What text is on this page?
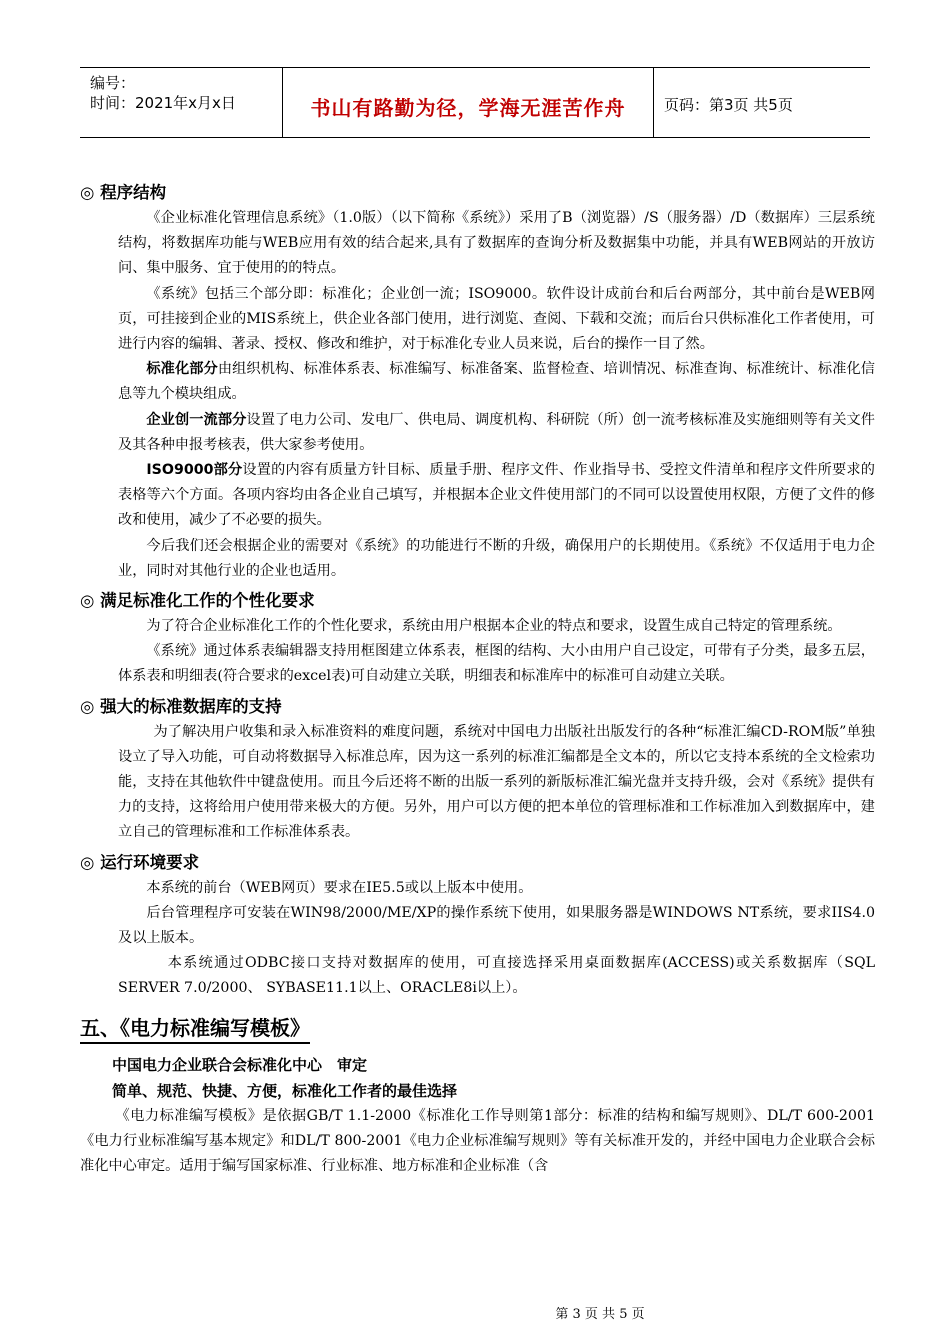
编号：
时间：2021年x月x日	书山有路勤为径，学海无涯苦作舟	页码：第3页 共5页
◎ 程序结构

《企业标准化管理信息系统》（1.0版）（以下简称《系统》）采用了B（浏览器）/S（服务器）/D（数据库）三层系统结构，将数据库功能与WEB应用有效的结合起来,具有了数据库的查询分析及数据集中功能，并具有WEB网站的开放访问、集中服务、宜于使用的的特点。

《系统》包括三个部分即：标准化；企业创一流；ISO9000。软件设计成前台和后台两部分，其中前台是WEB网页，可挂接到企业的MIS系统上，供企业各部门使用，进行浏览、查阅、下载和交流；而后台只供标准化工作者使用，可进行内容的编辑、著录、授权、修改和维护，对于标准化专业人员来说，后台的操作一目了然。

标准化部分由组织机构、标准体系表、标准编写、标准备案、监督检查、培训情况、标准查询、标准统计、标准化信息等九个模块组成。

企业创一流部分设置了电力公司、发电厂、供电局、调度机构、科研院（所）创一流考核标准及实施细则等有关文件及其各种申报考核表，供大家参考使用。

ISO9000部分设置的内容有质量方针目标、质量手册、程序文件、作业指导书、受控文件清单和程序文件所要求的表格等六个方面。各项内容均由各企业自己填写，并根据本企业文件使用部门的不同可以设置使用权限，方便了文件的修改和使用，减少了不必要的损失。

今后我们还会根据企业的需要对《系统》的功能进行不断的升级，确保用户的长期使用。《系统》不仅适用于电力企业，同时对其他行业的企业也适用。

◎ 满足标准化工作的个性化要求

为了符合企业标准化工作的个性化要求，系统由用户根据本企业的特点和要求，设置生成自己特定的管理系统。

《系统》通过体系表编辑器支持用框图建立体系表，框图的结构、大小由用户自己设定，可带有子分类，最多五层，体系表和明细表(符合要求的excel表)可自动建立关联，明细表和标准库中的标准可自动建立关联。

◎ 强大的标准数据库的支持

为了解决用户收集和录入标准资料的难度问题，系统对中国电力出版社出版发行的各种“标准汇编CD-ROM版”单独设立了导入功能，可自动将数据导入标准总库，因为这一系列的标准汇编都是全文本的，所以它支持本系统的全文检索功能，支持在其他软件中键盘使用。而且今后还将不断的出版一系列的新版标准汇编光盘并支持升级，会对《系统》提供有力的支持，这将给用户使用带来极大的方便。另外，用户可以方便的把本单位的管理标准和工作标准加入到数据库中，建立自己的管理标准和工作标准体系表。

◎ 运行环境要求

本系统的前台（WEB网页）要求在IE5.5或以上版本中使用。

后台管理程序可安装在WIN98/2000/ME/XP的操作系统下使用，如果服务器是WINDOWS NT系统，要求IIS4.0及以上版本。

本系统通过ODBC接口支持对数据库的使用，可直接选择采用桌面数据库(ACCESS)或关系数据库（SQL SERVER 7.0/2000、 SYBASE11.1以上、ORACLE8i以上）。

五、《电力标准编写模板》
中国电力企业联合会标准化中心　审定
简单、规范、快捷、方便，标准化工作者的最佳选择

《电力标准编写模板》是依据GB/T 1.1-2000《标准化工作导则第1部分：标准的结构和编写规则》、DL/T 600-2001《电力行业标准编写基本规定》和DL/T 800-2001《电力企业标准编写规则》等有关标准开发的，并经中国电力企业联合会标准化中心审定。适用于编写国家标准、行业标准、地方标准和企业标准（含

第 3 页 共 5 页
